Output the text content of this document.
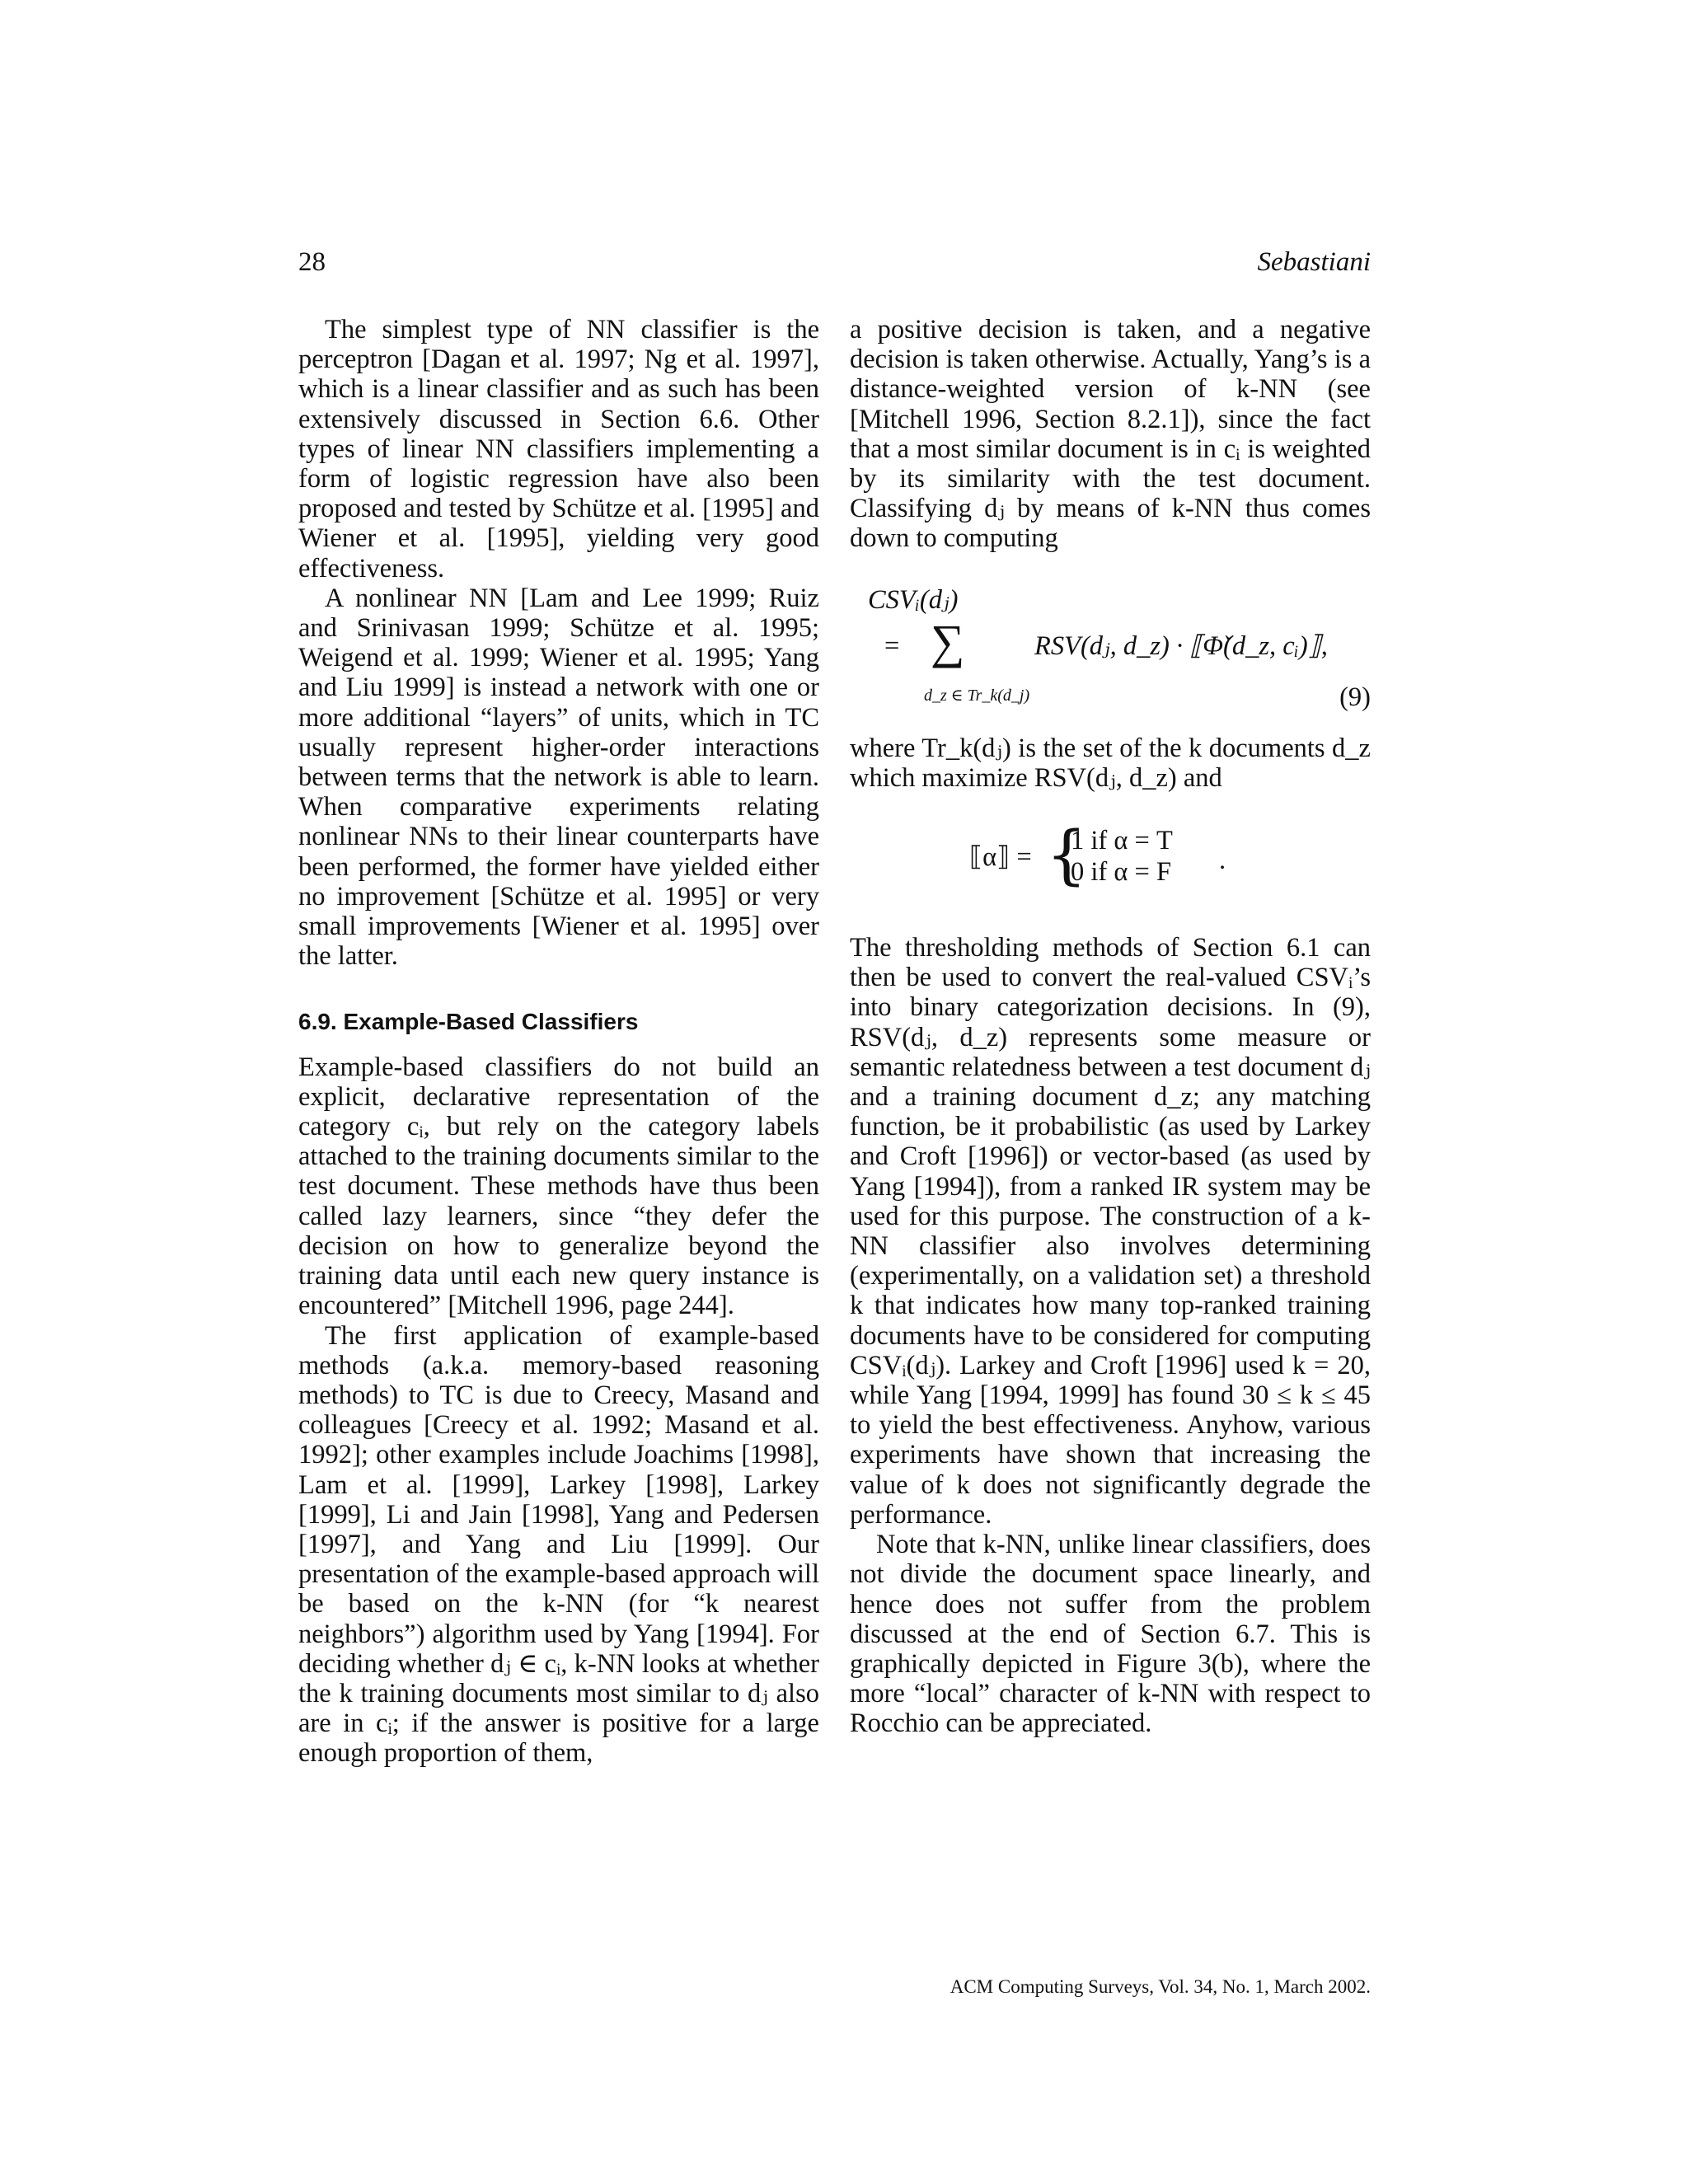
28	Sebastiani

The simplest type of NN classifier is the perceptron [Dagan et al. 1997; Ng et al. 1997], which is a linear classifier and as such has been extensively discussed in Section 6.6. Other types of linear NN classifiers implementing a form of logistic regression have also been proposed and tested by Schütze et al. [1995] and Wiener et al. [1995], yielding very good effectiveness.

A nonlinear NN [Lam and Lee 1999; Ruiz and Srinivasan 1999; Schütze et al. 1995; Weigend et al. 1999; Wiener et al. 1995; Yang and Liu 1999] is instead a network with one or more additional “layers” of units, which in TC usually represent higher-order interactions between terms that the network is able to learn. When comparative experiments relating nonlinear NNs to their linear counterparts have been performed, the former have yielded either no improvement [Schütze et al. 1995] or very small improvements [Wiener et al. 1995] over the latter.

6.9. Example-Based Classifiers

Example-based classifiers do not build an explicit, declarative representation of the category cᵢ, but rely on the category labels attached to the training documents similar to the test document. These methods have thus been called lazy learners, since “they defer the decision on how to generalize beyond the training data until each new query instance is encountered” [Mitchell 1996, page 244].

The first application of example-based methods (a.k.a. memory-based reasoning methods) to TC is due to Creecy, Masand and colleagues [Creecy et al. 1992; Masand et al. 1992]; other examples include Joachims [1998], Lam et al. [1999], Larkey [1998], Larkey [1999], Li and Jain [1998], Yang and Pedersen [1997], and Yang and Liu [1999]. Our presentation of the example-based approach will be based on the k-NN (for “k nearest neighbors”) algorithm used by Yang [1994]. For deciding whether dⱼ ∈ cᵢ, k-NN looks at whether the k training documents most similar to dⱼ also are in cᵢ; if the answer is positive for a large enough proportion of them,

a positive decision is taken, and a negative decision is taken otherwise. Actually, Yang’s is a distance-weighted version of k-NN (see [Mitchell 1996, Section 8.2.1]), since the fact that a most similar document is in cᵢ is weighted by its similarity with the test document. Classifying dⱼ by means of k-NN thus comes down to computing

CSVᵢ(dⱼ)
= ∑
d_z ∈ Tr_k(d_j)
RSV(dⱼ, d_z) · ⟦Φ̌(d_z, cᵢ)⟧,
(9)

where Tr_k(dⱼ) is the set of the k documents d_z which maximize RSV(dⱼ, d_z) and

⟦α⟧ = {
1 if α = T
0 if α = F .

The thresholding methods of Section 6.1 can then be used to convert the real-valued CSVᵢ’s into binary categorization decisions. In (9), RSV(dⱼ, d_z) represents some measure or semantic relatedness between a test document dⱼ and a training document d_z; any matching function, be it probabilistic (as used by Larkey and Croft [1996]) or vector-based (as used by Yang [1994]), from a ranked IR system may be used for this purpose. The construction of a k-NN classifier also involves determining (experimentally, on a validation set) a threshold k that indicates how many top-ranked training documents have to be considered for computing CSVᵢ(dⱼ). Larkey and Croft [1996] used k = 20, while Yang [1994, 1999] has found 30 ≤ k ≤ 45 to yield the best effectiveness. Anyhow, various experiments have shown that increasing the value of k does not significantly degrade the performance.

Note that k-NN, unlike linear classifiers, does not divide the document space linearly, and hence does not suffer from the problem discussed at the end of Section 6.7. This is graphically depicted in Figure 3(b), where the more “local” character of k-NN with respect to Rocchio can be appreciated.

ACM Computing Surveys, Vol. 34, No. 1, March 2002.
